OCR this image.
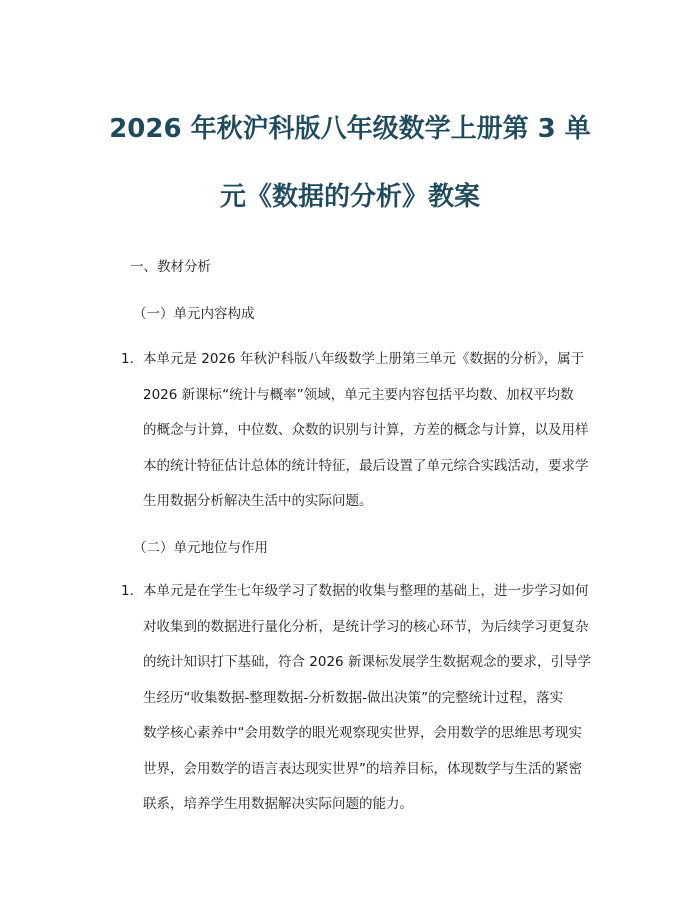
2026 年秋沪科版八年级数学上册第 3 单
元《数据的分析》教案
一、教材分析
（一）单元内容构成
1. 本单元是 2026 年秋沪科版八年级数学上册第三单元《数据的分析》，属于
2026 新课标“统计与概率”领域，单元主要内容包括平均数、加权平均数
的概念与计算，中位数、众数的识别与计算，方差的概念与计算，以及用样
本的统计特征估计总体的统计特征，最后设置了单元综合实践活动，要求学
生用数据分析解决生活中的实际问题。
（二）单元地位与作用
1. 本单元是在学生七年级学习了数据的收集与整理的基础上，进一步学习如何
对收集到的数据进行量化分析，是统计学习的核心环节，为后续学习更复杂
的统计知识打下基础，符合 2026 新课标发展学生数据观念的要求，引导学
生经历“收集数据-整理数据-分析数据-做出决策”的完整统计过程，落实
数学核心素养中“会用数学的眼光观察现实世界，会用数学的思维思考现实
世界，会用数学的语言表达现实世界”的培养目标，体现数学与生活的紧密
联系，培养学生用数据解决实际问题的能力。
